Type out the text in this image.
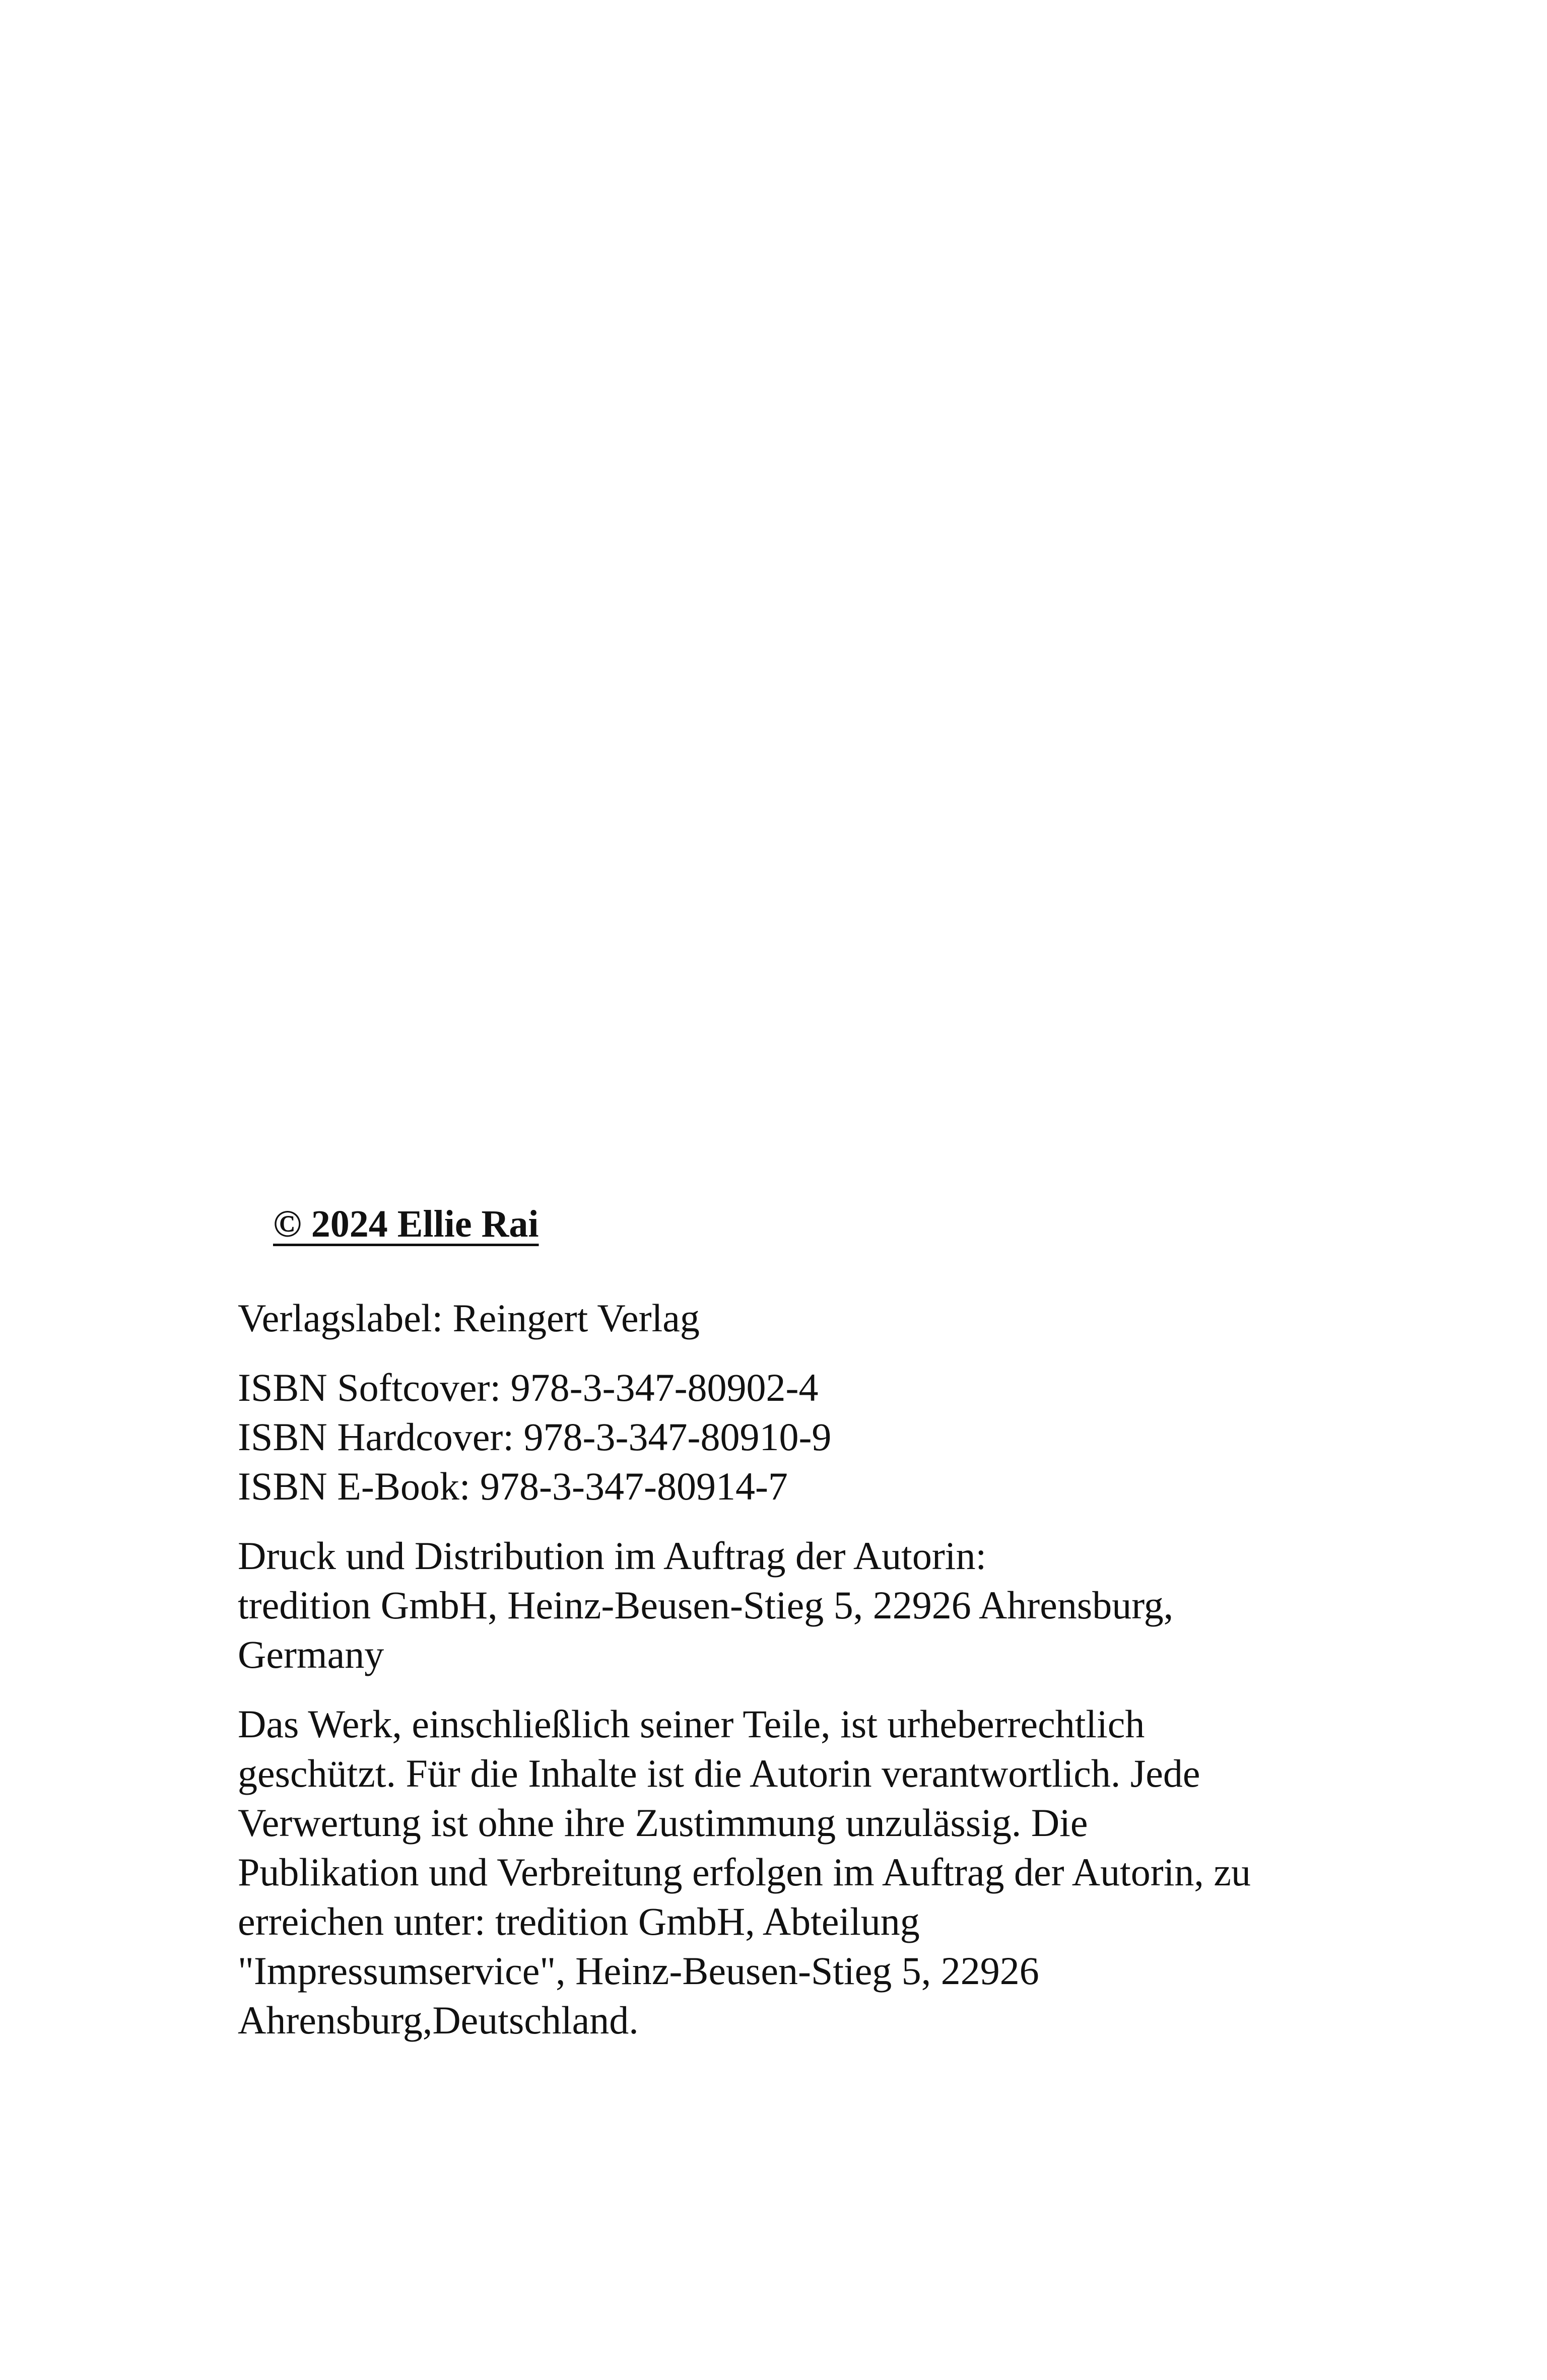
© 2024 Ellie Rai

Verlagslabel: Reingert Verlag

ISBN Softcover: 978-3-347-80902-4
ISBN Hardcover: 978-3-347-80910-9
ISBN E-Book: 978-3-347-80914-7

Druck und Distribution im Auftrag der Autorin:
tredition GmbH, Heinz-Beusen-Stieg 5, 22926 Ahrensburg,
Germany

Das Werk, einschließlich seiner Teile, ist urheberrechtlich
geschützt. Für die Inhalte ist die Autorin verantwortlich. Jede
Verwertung ist ohne ihre Zustimmung unzulässig. Die
Publikation und Verbreitung erfolgen im Auftrag der Autorin, zu
erreichen unter: tredition GmbH, Abteilung
"Impressumservice", Heinz-Beusen-Stieg 5, 22926
Ahrensburg,Deutschland.
